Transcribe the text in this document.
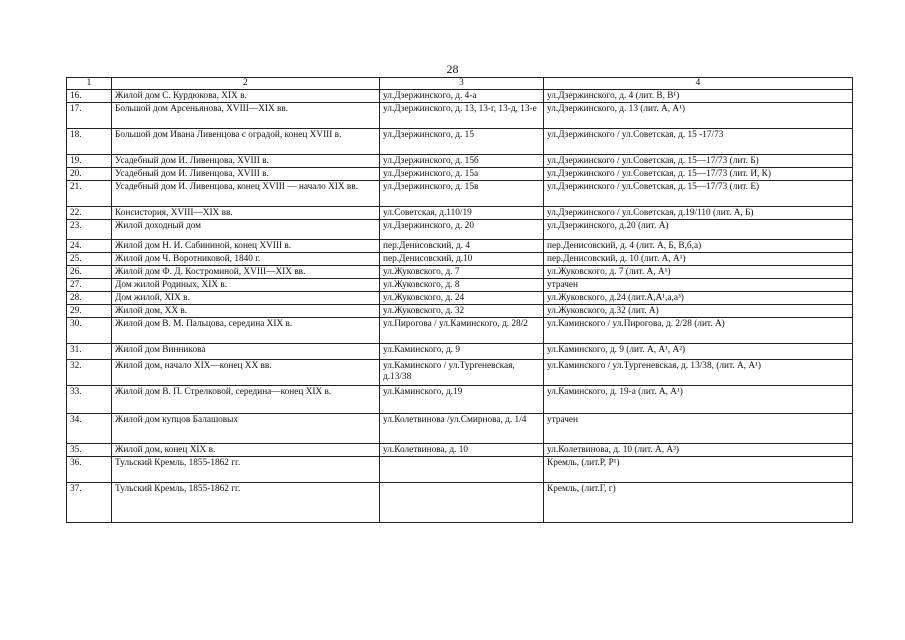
28
1	2	3	4
16.	Жилой дом С. Курдюкова, XIX в.	ул.Дзержинского, д. 4-а	ул.Дзержинского, д. 4 (лит. В, В¹)
17.	Большой дом Арсеньянова, XVIII—XIX вв.	ул.Дзержинского, д. 13, 13-г, 13-д, 13-е	ул.Дзержинского, д. 13 (лит. А, А¹)
18.	Большой дом Ивана Ливенцова с оградой, конец XVIII в.	ул.Дзержинского, д. 15	ул.Дзержинского / ул.Советская, д. 15 -17/73
19.	Усадебный дом И. Ливенцова, XVIII в.	ул.Дзержинского, д. 15б	ул.Дзержинского / ул.Советская, д. 15—17/73 (лит. Б)
20.	Усадебный дом И. Ливенцова, XVIII в.	ул.Дзержинского, д. 15а	ул.Дзержинского / ул.Советская, д. 15—17/73 (лит. И, К)
21.	Усадебный дом И. Ливенцова, конец XVIII — начало XIX вв.	ул.Дзержинского, д. 15в	ул.Дзержинского / ул.Советская, д. 15—17/73 (лит. Е)
22.	Консистория, XVIII—XIX вв.	ул.Советская, д.110/19	ул.Дзержинского / ул.Советская, д.19/110 (лит. А, Б)
23.	Жилой доходный дом	ул.Дзержинского, д. 20	ул.Дзержинского, д.20 (лит. А)
24.	Жилой дом Н. И. Сабининой, конец XVIII в.	пер.Денисовский, д. 4	пер.Денисовский, д. 4 (лит. А, Б, В,б,а)
25.	Жилой дом Ч. Воротниковой, 1840 г.	пер.Денисовский, д.10	пер.Денисовский, д. 10 (лит. А, А¹)
26.	Жилой дом Ф. Д. Костроминой, XVIII—XIX вв.	ул.Жуковского, д. 7	ул.Жуковского, д. 7 (лит. А, А¹)
27.	Дом жилой Родиных, XIX в.	ул.Жуковского, д. 8	утрачен
28.	Дом жилой, XIX в.	ул.Жуковского, д. 24	ул.Жуковского, д.24 (лит.А,А¹,а,а³)
29.	Жилой дом, XX в.	ул.Жуковского, д. 32	ул.Жуковского, д.32 (лит. А)
30.	Жилой дом В. М. Пальцова, середина XIX в.	ул.Пирогова / ул.Каминского, д. 28/2	ул.Каминского / ул.Пирогова, д. 2/28 (лит. А)
31.	Жилой дом Винникова	ул.Каминского, д. 9	ул.Каминского, д. 9 (лит. А, А¹, А²)
32.	Жилой дом, начало XIX—конец XX вв.	ул.Каминского / ул.Тургеневская, д.13/38	ул.Каминского / ул.Тургеневская, д. 13/38, (лит. А, А¹)
33.	Жилой дом В. П. Стрелковой, середина—конец XIX в.	ул.Каминского, д.19	ул.Каминского, д. 19-а (лит. А, А¹)
34.	Жилой дом купцов Балашовых	ул.Колетвинова /ул.Смирнова, д. 1/4	утрачен
35.	Жилой дом, конец XIX в.	ул.Колетвинова, д. 10	ул.Колетвинова, д. 10 (лит. А, А³)
36.	Тульский Кремль, 1855-1862 гг.		Кремль, (лит.Р, Р¹)
37.	Тульский Кремль, 1855-1862 гг.		Кремль, (лит.Г, г)
